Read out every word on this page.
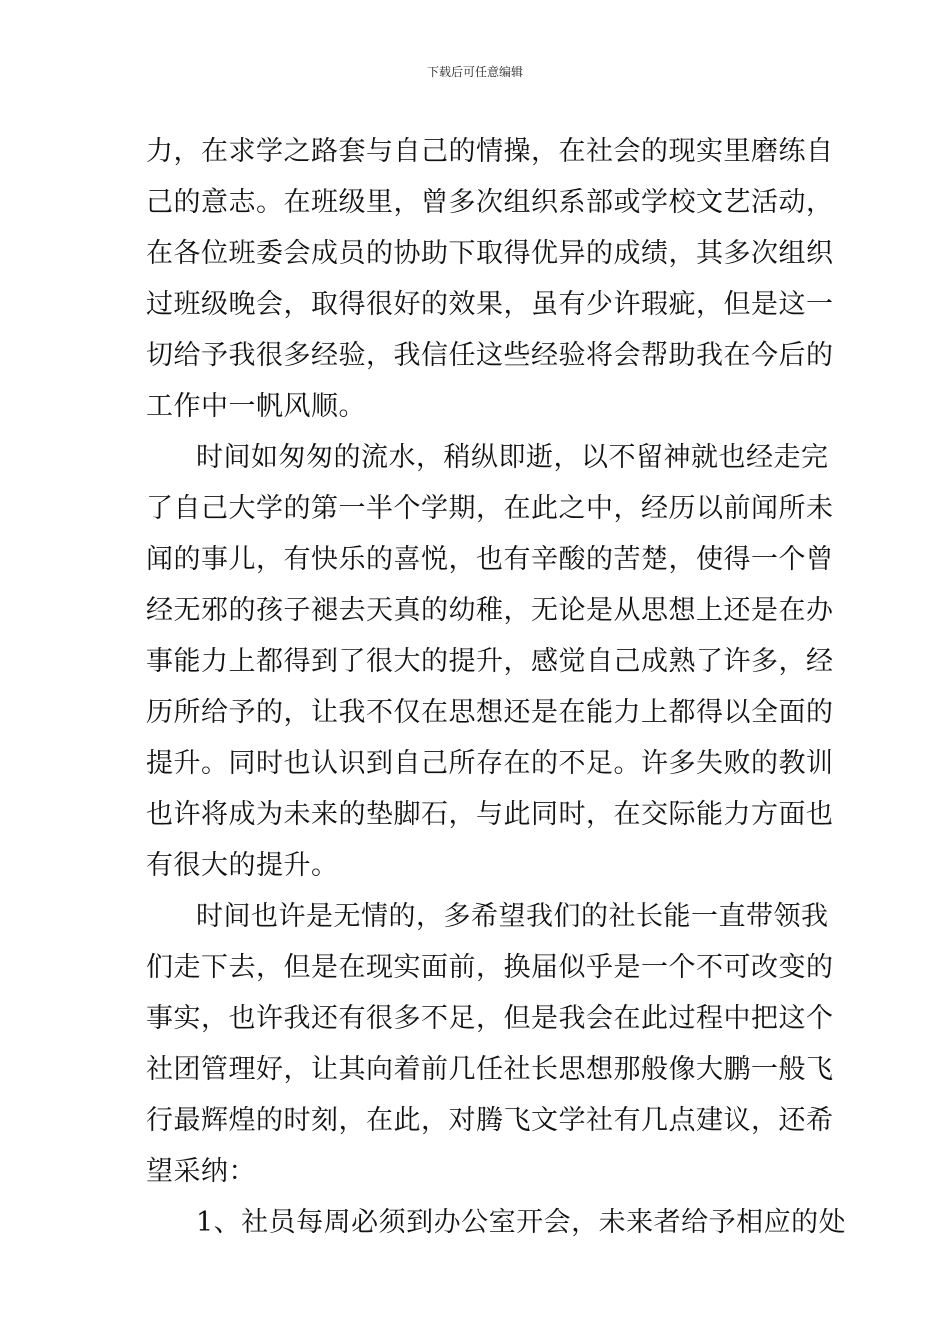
下载后可任意编辑
力，在求学之路套与自己的情操，在社会的现实里磨练自
己的意志。在班级里，曾多次组织系部或学校文艺活动，
在各位班委会成员的协助下取得优异的成绩，其多次组织
过班级晚会，取得很好的效果，虽有少许瑕疵，但是这一
切给予我很多经验，我信任这些经验将会帮助我在今后的
工作中一帆风顺。
时间如匆匆的流水，稍纵即逝，以不留神就也经走完
了自己大学的第一半个学期，在此之中，经历以前闻所未
闻的事儿，有快乐的喜悦，也有辛酸的苦楚，使得一个曾
经无邪的孩子褪去天真的幼稚，无论是从思想上还是在办
事能力上都得到了很大的提升，感觉自己成熟了许多，经
历所给予的，让我不仅在思想还是在能力上都得以全面的
提升。同时也认识到自己所存在的不足。许多失败的教训
也许将成为未来的垫脚石，与此同时，在交际能力方面也
有很大的提升。
时间也许是无情的，多希望我们的社长能一直带领我
们走下去，但是在现实面前，换届似乎是一个不可改变的
事实，也许我还有很多不足，但是我会在此过程中把这个
社团管理好，让其向着前几任社长思想那般像大鹏一般飞
行最辉煌的时刻，在此，对腾飞文学社有几点建议，还希
望采纳：
1、社员每周必须到办公室开会，未来者给予相应的处
